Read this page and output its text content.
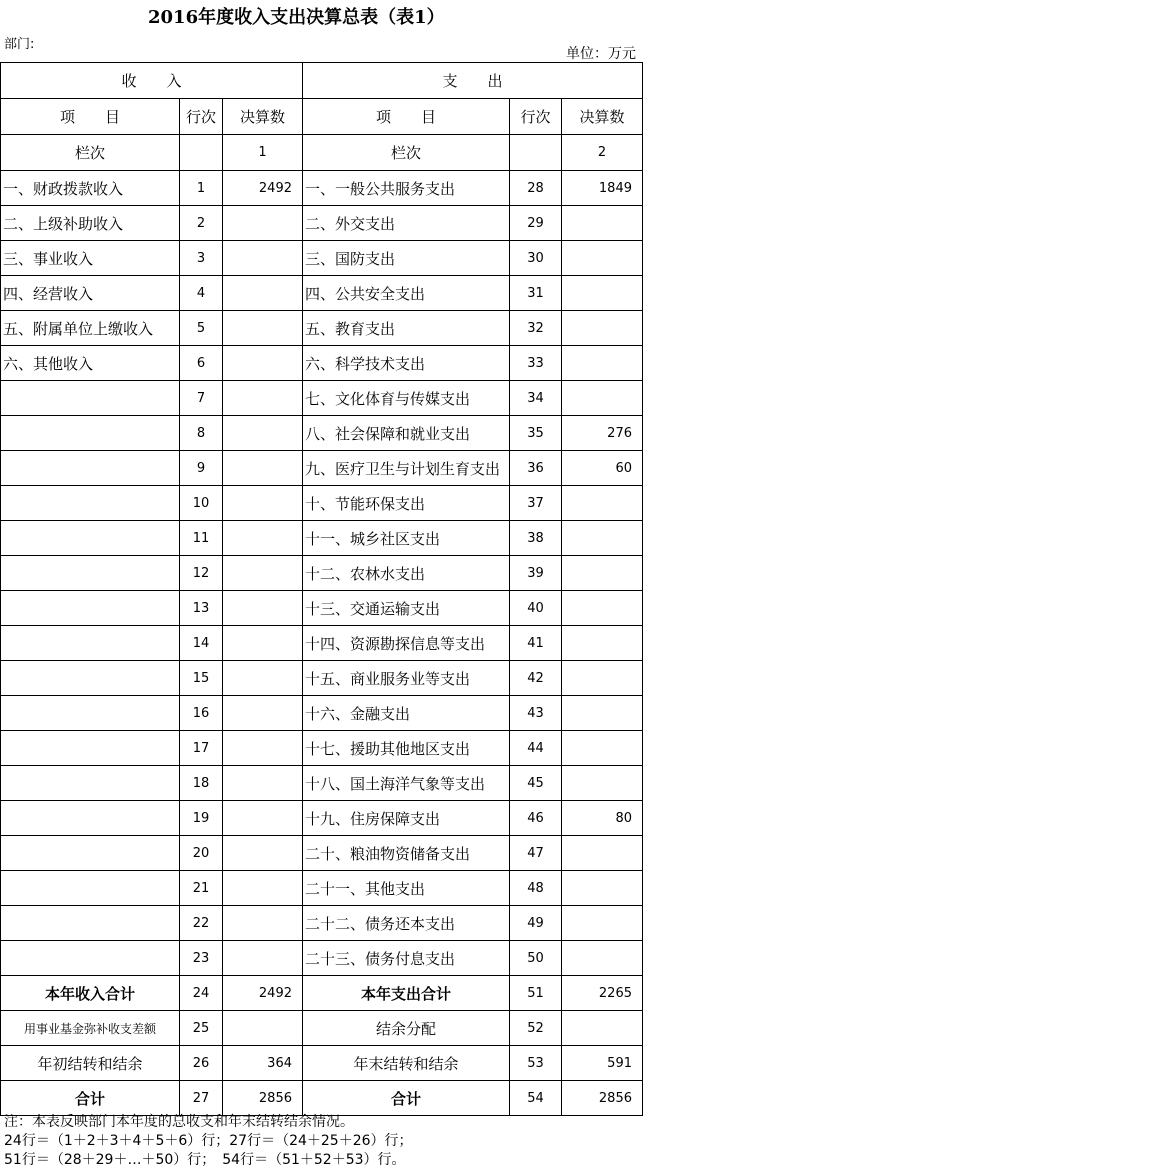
2016年度收入支出决算总表（表1）
部门:
单位：万元
收　　入			支　　出		
项　　目	行次	决算数	项　　目	行次	决算数
栏次		1	栏次		2
一、财政拨款收入	1	2492	一、一般公共服务支出	28	1849
二、上级补助收入	2		二、外交支出	29	
三、事业收入	3		三、国防支出	30	
四、经营收入	4		四、公共安全支出	31	
五、附属单位上缴收入	5		五、教育支出	32	
六、其他收入	6		六、科学技术支出	33	
	7		七、文化体育与传媒支出	34	
	8		八、社会保障和就业支出	35	276
	9		九、医疗卫生与计划生育支出	36	60
	10		十、节能环保支出	37	
	11		十一、城乡社区支出	38	
	12		十二、农林水支出	39	
	13		十三、交通运输支出	40	
	14		十四、资源勘探信息等支出	41	
	15		十五、商业服务业等支出	42	
	16		十六、金融支出	43	
	17		十七、援助其他地区支出	44	
	18		十八、国土海洋气象等支出	45	
	19		十九、住房保障支出	46	80
	20		二十、粮油物资储备支出	47	
	21		二十一、其他支出	48	
	22		二十二、债务还本支出	49	
	23		二十三、债务付息支出	50	
本年收入合计	24	2492	本年支出合计	51	2265
用事业基金弥补收支差额	25		结余分配	52	
年初结转和结余	26	364	年末结转和结余	53	591
合计	27	2856	合计	54	2856
注：本表反映部门本年度的总收支和年末结转结余情况。
24行＝（1＋2＋3＋4＋5＋6）行；27行＝（24＋25＋26）行；
51行＝（28＋29＋…＋50）行；　54行＝（51＋52＋53）行。
